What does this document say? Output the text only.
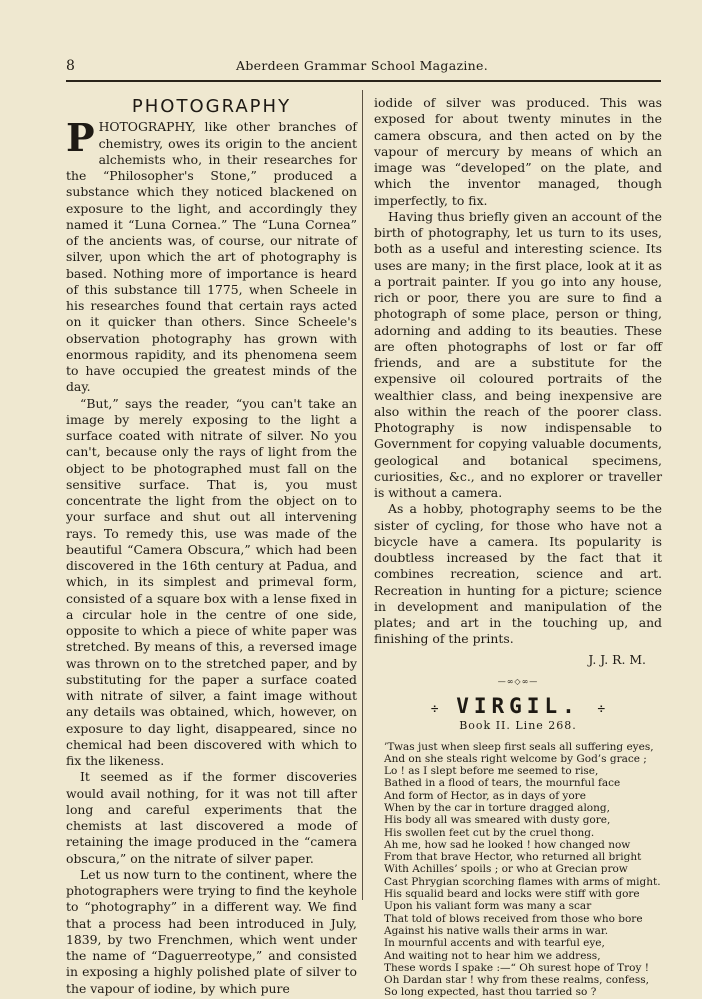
8	Aberdeen Grammar School Magazine.
PHOTOGRAPHY

PHOTOGRAPHY, like other branches of chemistry, owes its origin to the ancient alchemists who, in their researches for the “Philosopher's Stone,” produced a substance which they noticed blackened on exposure to the light, and accordingly they named it “Luna Cornea.” The “Luna Cornea” of the ancients was, of course, our nitrate of silver, upon which the art of photography is based. Nothing more of importance is heard of this substance till 1775, when Scheele in his researches found that certain rays acted on it quicker than others. Since Scheele's observation photography has grown with enormous rapidity, and its phenomena seem to have occupied the greatest minds of the day.

“But,” says the reader, “you can't take an image by merely exposing to the light a surface coated with nitrate of silver. No you can't, because only the rays of light from the object to be photographed must fall on the sensitive surface. That is, you must concentrate the light from the object on to your surface and shut out all intervening rays. To remedy this, use was made of the beautiful “Camera Obscura,” which had been discovered in the 16th century at Padua, and which, in its simplest and primeval form, consisted of a square box with a lense fixed in a circular hole in the centre of one side, opposite to which a piece of white paper was stretched. By means of this, a reversed image was thrown on to the stretched paper, and by substituting for the paper a surface coated with nitrate of silver, a faint image without any details was obtained, which, however, on exposure to day light, disappeared, since no chemical had been discovered with which to fix the likeness.

It seemed as if the former discoveries would avail nothing, for it was not till after long and careful experiments that the chemists at last discovered a mode of retaining the image produced in the “camera obscura,” on the nitrate of silver paper.

Let us now turn to the continent, where the photographers were trying to find the keyhole to “photography” in a different way. We find that a process had been introduced in July, 1839, by two Frenchmen, which went under the name of “Daguerreotype,” and consisted in exposing a highly polished plate of silver to the vapour of iodine, by which pure

iodide of silver was produced. This was exposed for about twenty minutes in the camera obscura, and then acted on by the vapour of mercury by means of which an image was “developed” on the plate, and which the inventor managed, though imperfectly, to fix.

Having thus briefly given an account of the birth of photography, let us turn to its uses, both as a useful and interesting science. Its uses are many; in the first place, look at it as a portrait painter. If you go into any house, rich or poor, there you are sure to find a photograph of some place, person or thing, adorning and adding to its beauties. These are often photographs of lost or far off friends, and are a substitute for the expensive oil coloured portraits of the wealthier class, and being inexpensive are also within the reach of the poorer class. Photography is now indispensable to Government for copying valuable documents, geological and botanical specimens, curiosities, &c., and no explorer or traveller is without a camera.

As a hobby, photography seems to be the sister of cycling, for those who have not a bicycle have a camera. Its popularity is doubtless increased by the fact that it combines recreation, science and art. Recreation in hunting for a picture; science in development and manipulation of the plates; and art in the touching up, and finishing of the prints.

J. J. R. M.
—∞◇∞—
÷ VIRGIL. ÷
Book II. Line 268.
’Twas just when sleep first seals all suffering eyes,
And on she steals right welcome by God’s grace ;
Lo ! as I slept before me seemed to rise,
Bathed in a flood of tears, the mournful face
And form of Hector, as in days of yore
When by the car in torture dragged along,
His body all was smeared with dusty gore,
His swollen feet cut by the cruel thong.
Ah me, how sad he looked ! how changed now
From that brave Hector, who returned all bright
With Achilles’ spoils ; or who at Grecian prow
Cast Phrygian scorching flames with arms of might.
His squalid beard and locks were stiff with gore
Upon his valiant form was many a scar
That told of blows received from those who bore
Against his native walls their arms in war.
In mournful accents and with tearful eye,
And waiting not to hear him we address,
These words I spake :—“ Oh surest hope of Troy !
Oh Dardan star ! why from these realms, confess,
So long expected, hast thou tarried so ?
